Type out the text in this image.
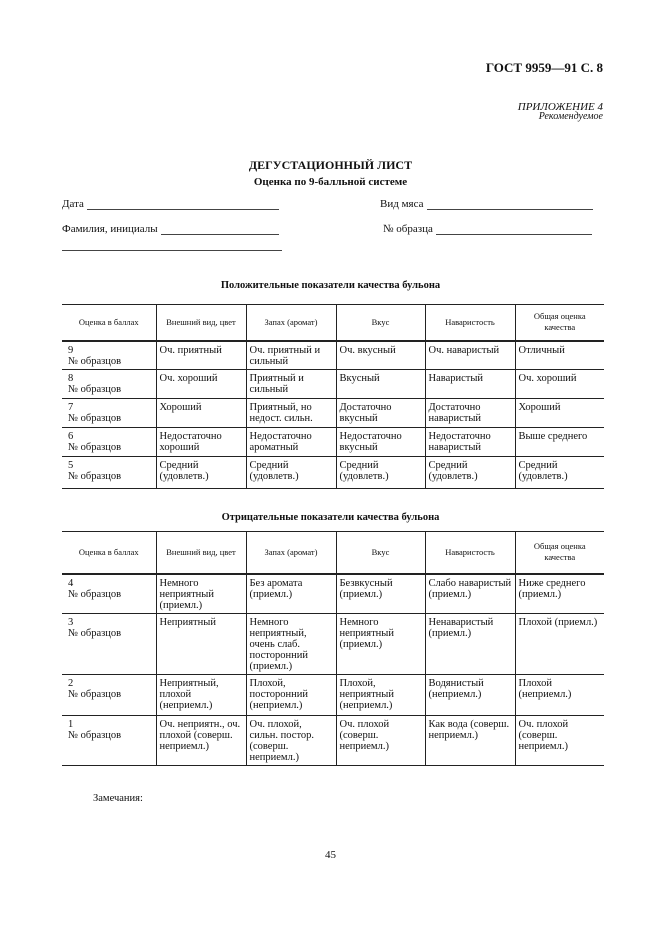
ГОСТ 9959—91 С. 8
ПРИЛОЖЕНИЕ 4
Рекомендуемое
ДЕГУСТАЦИОННЫЙ ЛИСТ
Оценка по 9-балльной системе
Дата	Вид мяса
Фамилия, инициалы	№ образца
Положительные показатели качества бульона
Оценка в баллах	Внешний вид, цвет	Запах (аромат)	Вкус	Наваристость	Общая оценка качества

9
№ образцов	Оч. приятный	Оч. приятный и сильный	Оч. вкусный	Оч. наваристый	Отличный

8
№ образцов	Оч. хороший	Приятный и сильный	Вкусный	Наваристый	Оч. хороший

7
№ образцов	Хороший	Приятный, но недост. сильн.	Достаточно вкусный	Достаточно наваристый	Хороший

6
№ образцов	Недостаточно хороший	Недостаточно ароматный	Недостаточно вкусный	Недостаточно наваристый	Выше среднего

5
№ образцов	Средний (удовлетв.)	Средний (удовлетв.)	Средний (удовлетв.)	Средний (удовлетв.)	Средний (удовлетв.)
Отрицательные показатели качества бульона
Оценка в баллах	Внешний вид, цвет	Запах (аромат)	Вкус	Наваристость	Общая оценка качества

4
№ образцов	Немного неприятный (приемл.)	Без аромата (приемл.)	Безвкусный (приемл.)	Слабо наваристый (приемл.)	Ниже среднего (приемл.)

3
№ образцов	Неприятный	Немного неприятный, очень слаб. посторонний (приемл.)	Немного неприятный (приемл.)	Ненаваристый (приемл.)	Плохой (приемл.)

2
№ образцов	Неприятный, плохой (неприемл.)	Плохой, посторонний (неприемл.)	Плохой, неприятный (неприемл.)	Водянистый (неприемл.)	Плохой (неприемл.)

1
№ образцов	Оч. неприятн., оч. плохой (соверш. неприемл.)	Оч. плохой, сильн. постор. (соверш. неприемл.)	Оч. плохой (соверш. неприемл.)	Как вода (соверш. неприемл.)	Оч. плохой (соверш. неприемл.)
Замечания:
45
